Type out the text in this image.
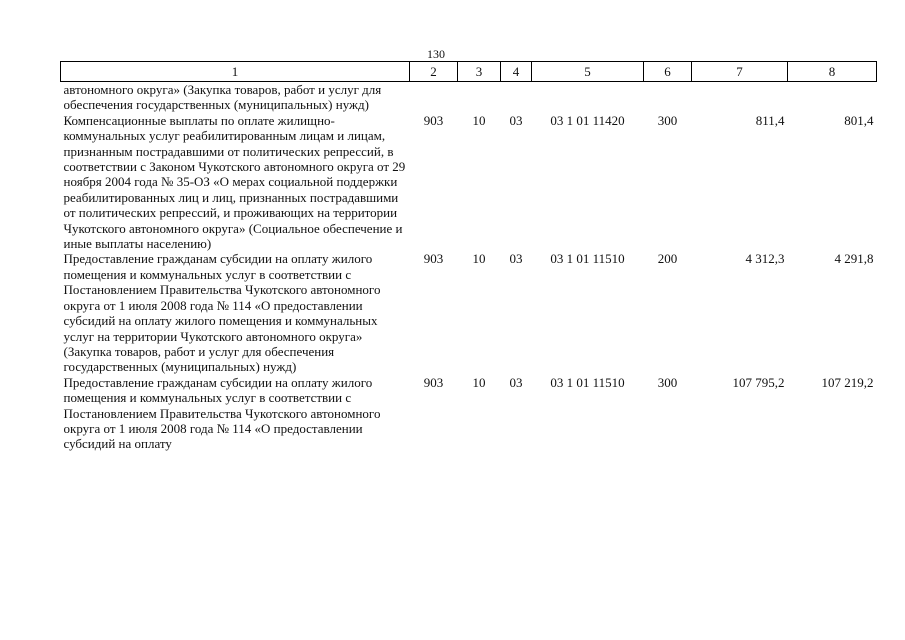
130
1	2	3	4	5	6	7	8
автономного округа» (Закупка товаров, работ и услуг для обеспечения государственных (муниципальных) нужд)							
Компенсационные выплаты по оплате жилищно-коммунальных услуг реабилитированным лицам и лицам, признанным пострадавшими от политических репрессий, в соответствии с Законом Чукотского автономного округа от 29 ноября 2004 года № 35-ОЗ «О мерах социальной поддержки реабилитированных лиц и лиц, признанных пострадавшими от политических репрессий, и проживающих на территории Чукотского автономного округа» (Социальное обеспечение и иные выплаты населению)	903	10	03	03 1 01 11420	300	811,4	801,4
Предоставление гражданам субсидии на оплату жилого помещения и коммунальных услуг в соответствии с Постановлением Правительства Чукотского автономного округа от 1 июля 2008 года № 114 «О предоставлении субсидий на оплату жилого помещения и коммунальных услуг на территории Чукотского автономного округа» (Закупка товаров, работ и услуг для обеспечения государственных (муниципальных) нужд)	903	10	03	03 1 01 11510	200	4 312,3	4 291,8
Предоставление гражданам субсидии на оплату жилого помещения и коммунальных услуг в соответствии с Постановлением Правительства Чукотского автономного округа от 1 июля 2008 года № 114 «О предоставлении субсидий на оплату	903	10	03	03 1 01 11510	300	107 795,2	107 219,2
